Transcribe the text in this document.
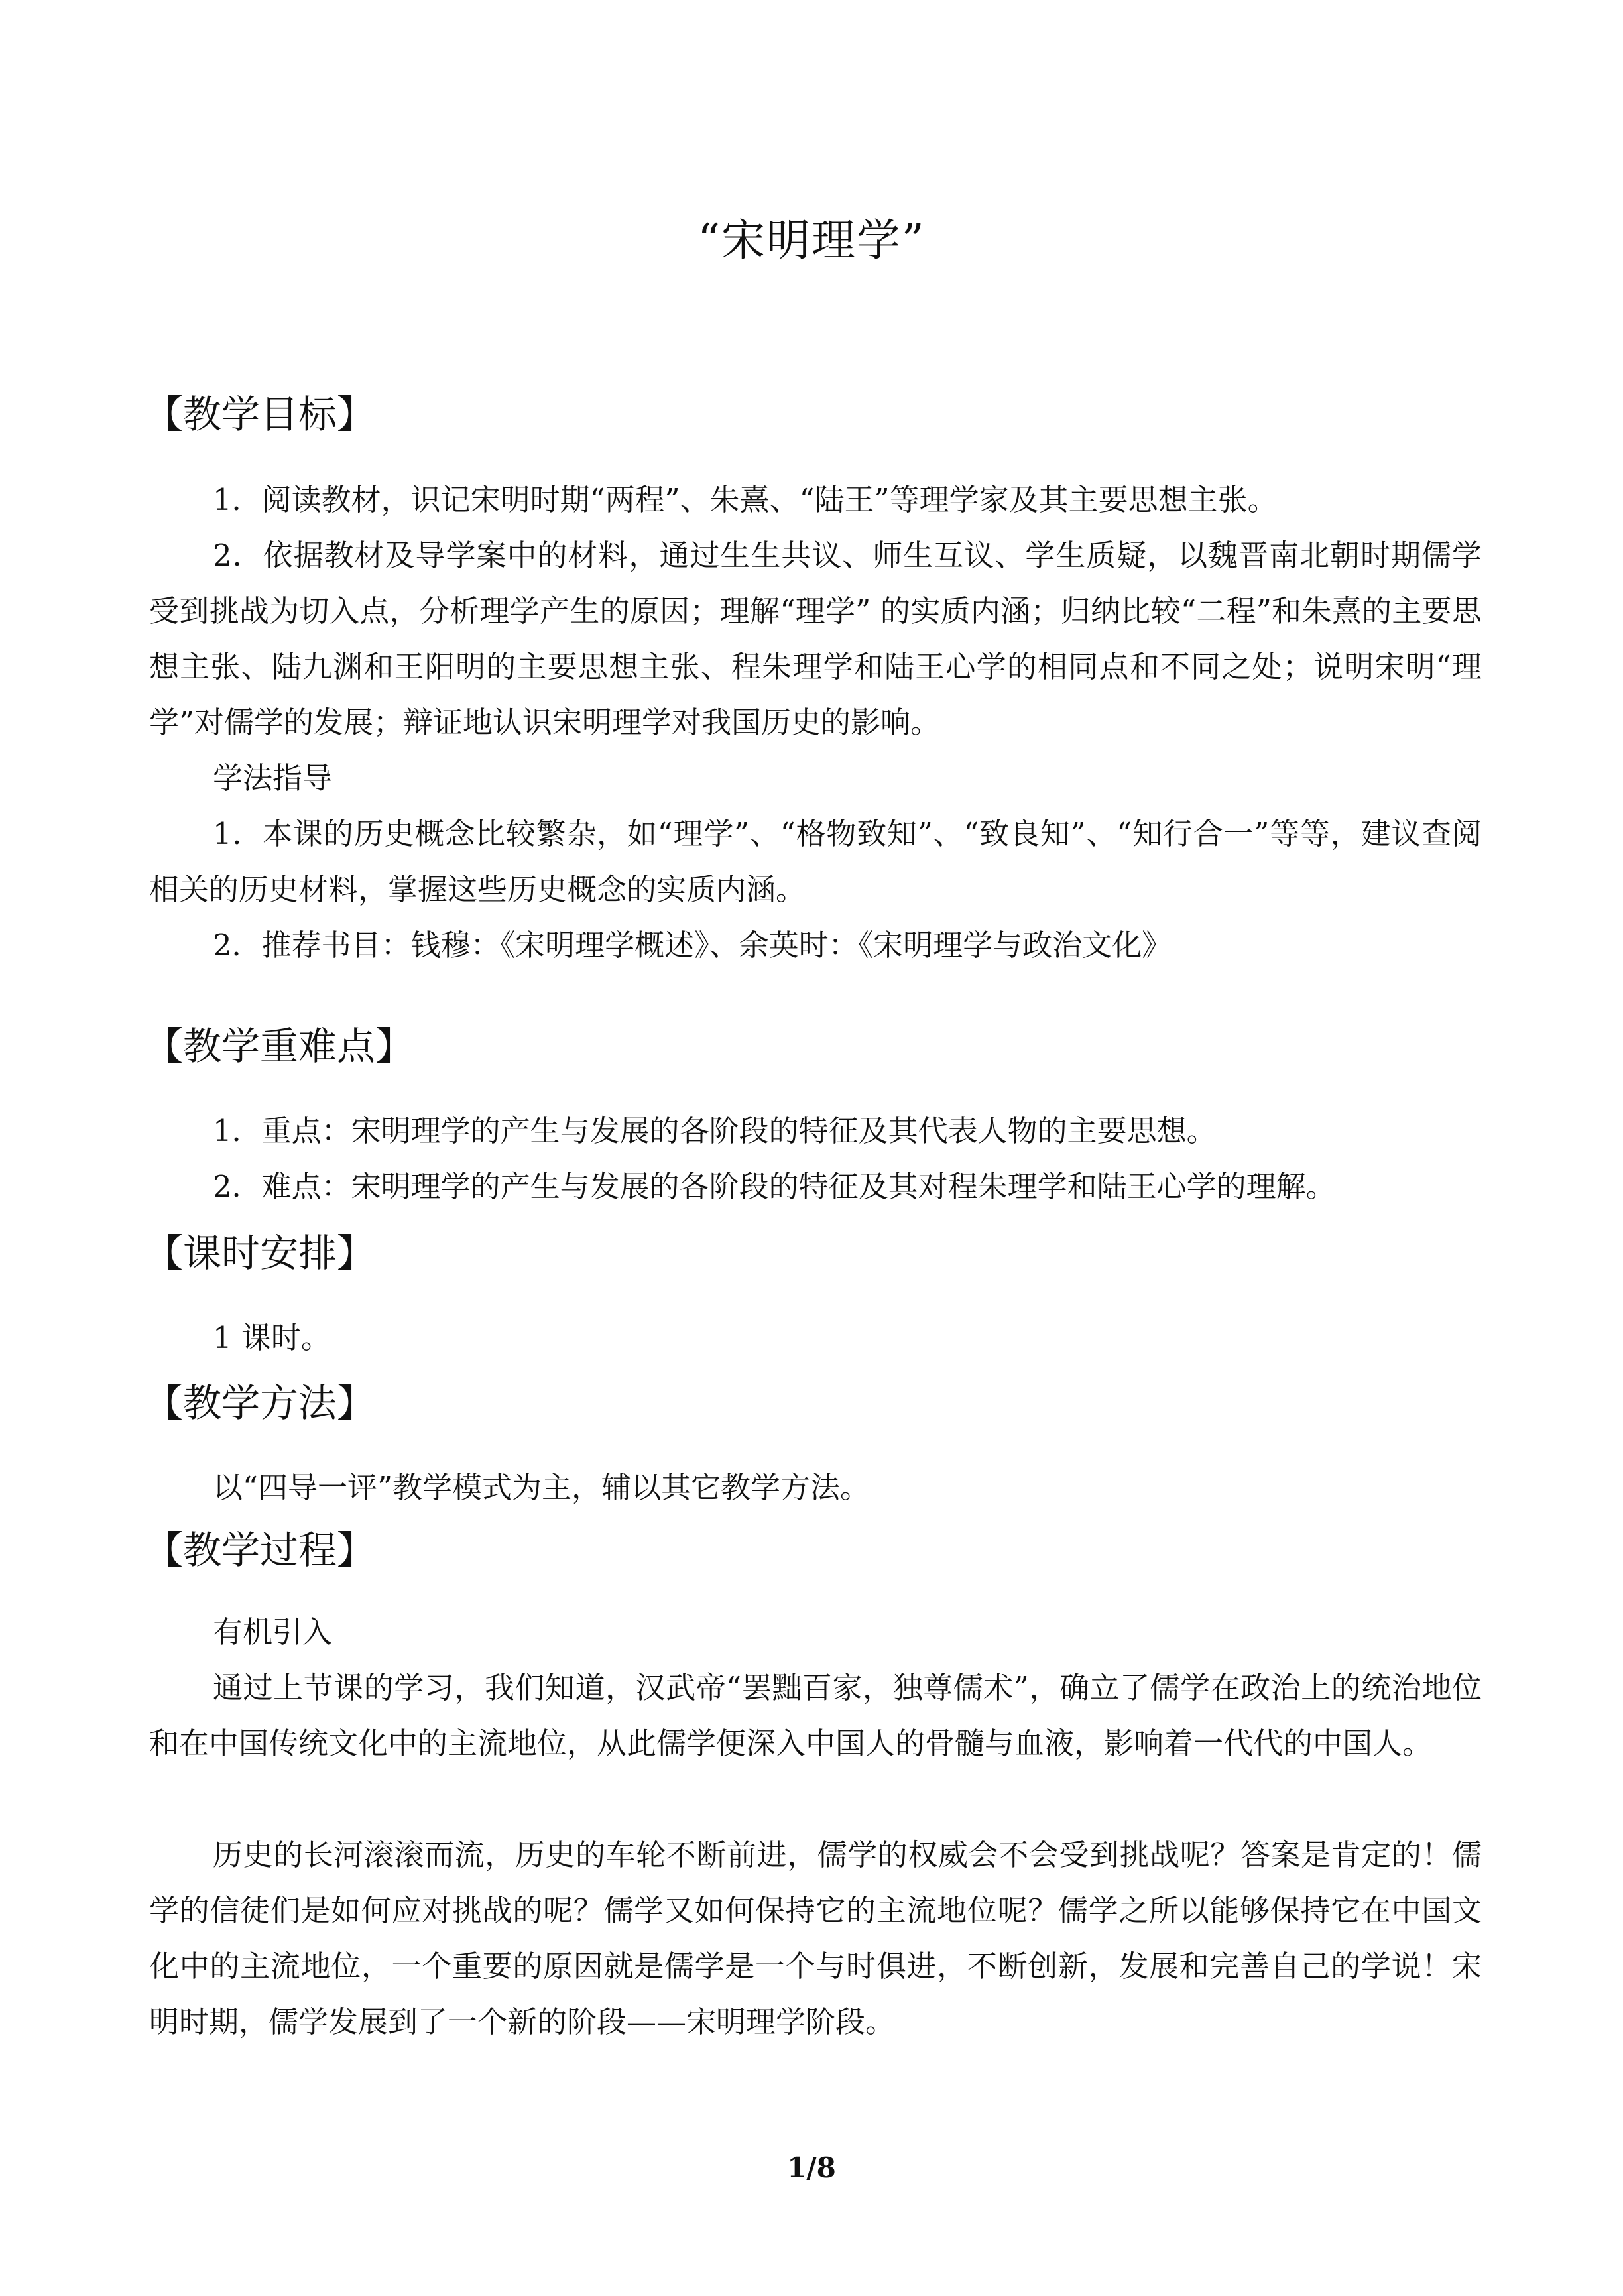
“宋明理学”
【教学目标】
1．阅读教材，识记宋明时期“两程”、朱熹、“陆王”等理学家及其主要思想主张。
2．依据教材及导学案中的材料，通过生生共议、师生互议、学生质疑，以魏晋南北朝时期儒学受到挑战为切入点，分析理学产生的原因；理解“理学” 的实质内涵；归纳比较“二程”和朱熹的主要思想主张、陆九渊和王阳明的主要思想主张、程朱理学和陆王心学的相同点和不同之处；说明宋明“理学”对儒学的发展；辩证地认识宋明理学对我国历史的影响。
学法指导
1．本课的历史概念比较繁杂，如“理学”、“格物致知”、“致良知”、“知行合一”等等，建议查阅相关的历史材料，掌握这些历史概念的实质内涵。
2．推荐书目：钱穆：《宋明理学概述》、余英时：《宋明理学与政治文化》
【教学重难点】
1．重点：宋明理学的产生与发展的各阶段的特征及其代表人物的主要思想。
2．难点：宋明理学的产生与发展的各阶段的特征及其对程朱理学和陆王心学的理解。
【课时安排】
1 课时。
【教学方法】
以“四导一评”教学模式为主，辅以其它教学方法。
【教学过程】
有机引入
通过上节课的学习，我们知道，汉武帝“罢黜百家，独尊儒术”，确立了儒学在政治上的统治地位和在中国传统文化中的主流地位，从此儒学便深入中国人的骨髓与血液，影响着一代代的中国人。
历史的长河滚滚而流，历史的车轮不断前进，儒学的权威会不会受到挑战呢？答案是肯定的！儒学的信徒们是如何应对挑战的呢？儒学又如何保持它的主流地位呢？儒学之所以能够保持它在中国文化中的主流地位，一个重要的原因就是儒学是一个与时俱进，不断创新，发展和完善自己的学说！宋明时期，儒学发展到了一个新的阶段——宋明理学阶段。
1/8
